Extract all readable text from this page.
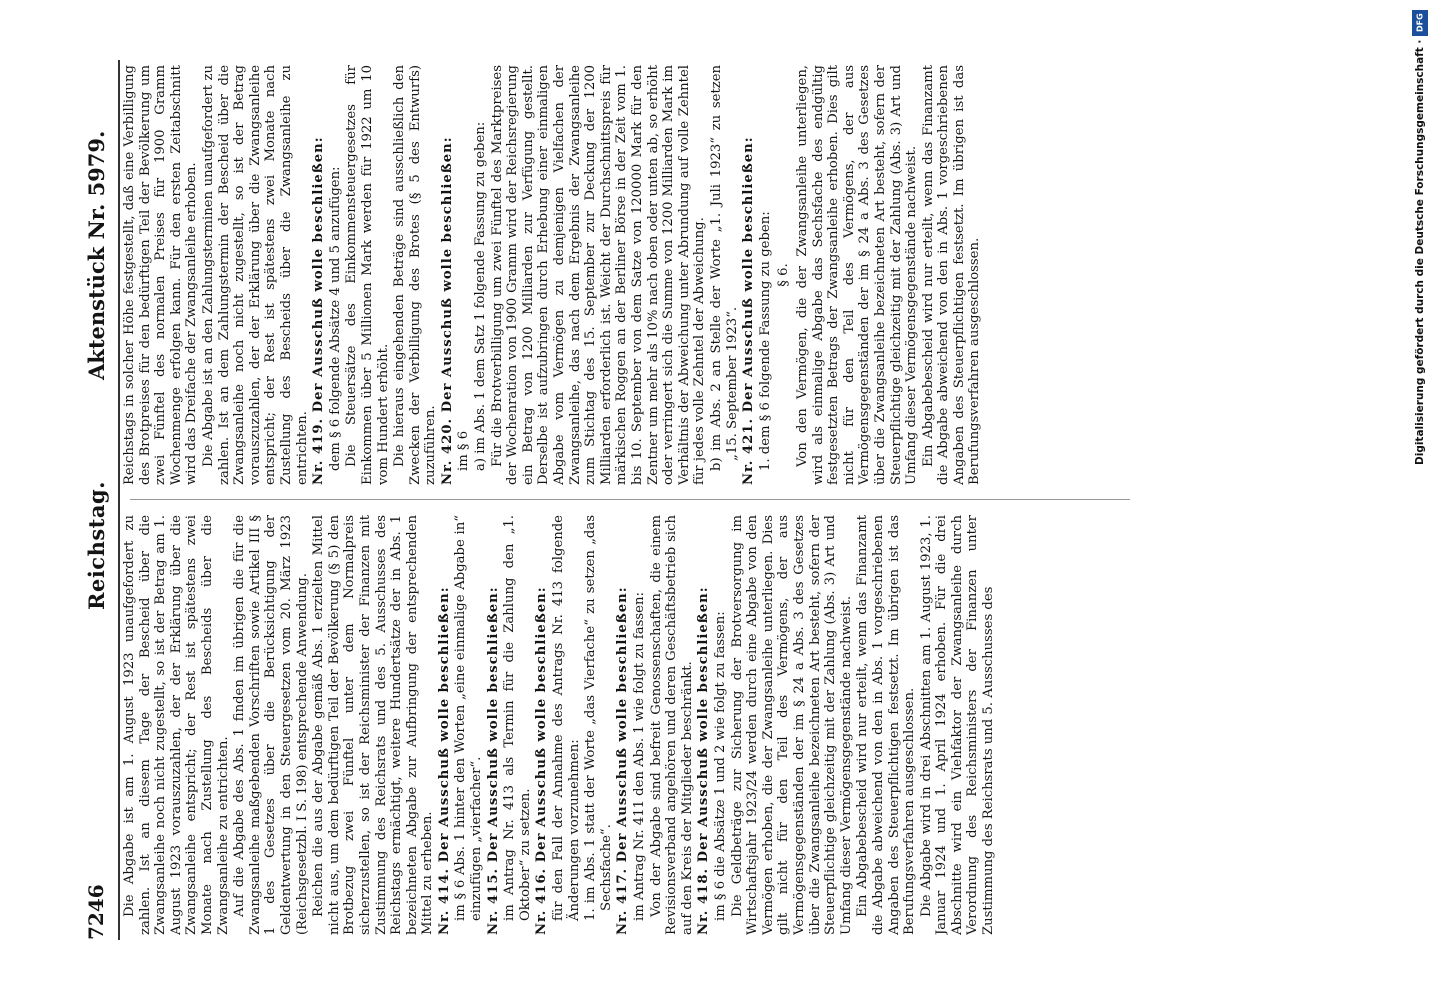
7246
Reichstag.
Aktenstück Nr. 5979.

Die Abgabe ist am 1. August 1923 unaufgefordert zu zahlen. Ist an diesem Tage der Bescheid über die Zwangsanleihe noch nicht zugestellt, so ist der Betrag am 1. August 1923 vorauszuzahlen, der der Erklärung über die Zwangsanleihe entspricht; der Rest ist spätestens zwei Monate nach Zustellung des Bescheids über die Zwangsanleihe zu entrichten. Auf die Abgabe des Abs. 1 finden im übrigen die für die Zwangsanleihe maßgebenden Vorschriften sowie Artikel III § 1 des Gesetzes über die Berücksichtigung der Geldentwertung in den Steuergesetzen vom 20. März 1923 (Reichsgesetzbl. I S. 198) entsprechende Anwendung. Reichen die aus der Abgabe gemäß Abs. 1 erzielten Mittel nicht aus, um dem bedürftigen Teil der Bevölkerung (§ 5) den Brotbezug zwei Fünftel unter dem Normalpreis sicherzustellen, so ist der Reichsminister der Finanzen mit Zustimmung des Reichsrats und des 5. Ausschusses des Reichstags ermächtigt, weitere Hundertsätze der in Abs. 1 bezeichneten Abgabe zur Aufbringung der entsprechenden Mittel zu erheben. Nr. 414. Der Ausschuß wolle beschließen: im § 6 Abs. 1 hinter den Worten „eine einmalige Abgabe in“ einzufügen „vierfacher“. Nr. 415. Der Ausschuß wolle beschließen: im Antrag Nr. 413 als Termin für die Zahlung den „1. Oktober“ zu setzen. Nr. 416. Der Ausschuß wolle beschließen: für den Fall der Annahme des Antrags Nr. 413 folgende Änderungen vorzunehmen: 1. im Abs. 1 statt der Worte „das Vierfache“ zu setzen „das Sechsfache“. Nr. 417. Der Ausschuß wolle beschließen: im Antrag Nr. 411 den Abs. 1 wie folgt zu fassen: Von der Abgabe sind befreit Genossenschaften, die einem Revisionsverband angehören und deren Geschäftsbetrieb sich auf den Kreis der Mitglieder beschränkt. Nr. 418. Der Ausschuß wolle beschließen: im § 6 die Absätze 1 und 2 wie folgt zu fassen: Die Geldbeträge zur Sicherung der Brotversorgung im Wirtschaftsjahr 1923/24 werden durch eine Abgabe von den Vermögen erhoben, die der Zwangsanleihe unterliegen. Dies gilt nicht für den Teil des Vermögens, der aus Vermögensgegenständen der im § 24 a Abs. 3 des Gesetzes über die Zwangsanleihe bezeichneten Art besteht, sofern der Steuerpflichtige gleichzeitig mit der Zahlung (Abs. 3) Art und Umfang dieser Vermögensgegenstände nachweist. Ein Abgabebescheid wird nur erteilt, wenn das Finanzamt die Abgabe abweichend von den in Abs. 1 vorgeschriebenen Angaben des Steuerpflichtigen festsetzt. Im übrigen ist das Berufungsverfahren ausgeschlossen. Die Abgabe wird in drei Abschnitten am 1. August 1923, 1. Januar 1924 und 1. April 1924 erhoben. Für die drei Abschnitte wird ein Viehfaktor der Zwangsanleihe durch Verordnung des Reichsministers der Finanzen unter Zustimmung des Reichsrats und 5. Ausschusses des

Reichstags in solcher Höhe festgestellt, daß eine Verbilligung des Brotpreises für den bedürftigen Teil der Bevölkerung um zwei Fünftel des normalen Preises für 1900 Gramm Wochenmenge erfolgen kann. Für den ersten Zeitabschnitt wird das Dreifache der Zwangsanleihe erhoben. Die Abgabe ist an den Zahlungsterminen unaufgefordert zu zahlen. Ist an dem Zahlungstermin der Bescheid über die Zwangsanleihe noch nicht zugestellt, so ist der Betrag vorauszuzahlen, der der Erklärung über die Zwangsanleihe entspricht; der Rest ist spätestens zwei Monate nach Zustellung des Bescheids über die Zwangsanleihe zu entrichten. Nr. 419. Der Ausschuß wolle beschließen: dem § 6 folgende Absätze 4 und 5 anzufügen: Die Steuersätze des Einkommensteuergesetzes für Einkommen über 5 Millionen Mark werden für 1922 um 10 vom Hundert erhöht. Die hieraus eingehenden Beträge sind ausschließlich den Zwecken der Verbilligung des Brotes (§ 5 des Entwurfs) zuzuführen. Nr. 420. Der Ausschuß wolle beschließen: im § 6 a) im Abs. 1 dem Satz 1 folgende Fassung zu geben: Für die Brotverbilligung um zwei Fünftel des Marktpreises der Wochenration von 1900 Gramm wird der Reichsregierung ein Betrag von 1200 Milliarden zur Verfügung gestellt. Derselbe ist aufzubringen durch Erhebung einer einmaligen Abgabe vom Vermögen zu demjenigen Vielfachen der Zwangsanleihe, das nach dem Ergebnis der Zwangsanleihe zum Stichtag des 15. September zur Deckung der 1200 Milliarden erforderlich ist. Weicht der Durchschnittspreis für märkischen Roggen an der Berliner Börse in der Zeit vom 1. bis 10. September von dem Satze von 120000 Mark für den Zentner um mehr als 10% nach oben oder unten ab, so erhöht oder verringert sich die Summe von 1200 Milliarden Mark im Verhältnis der Abweichung unter Abrundung auf volle Zehntel für jedes volle Zehntel der Abweichung. b) im Abs. 2 an Stelle der Worte „1. Juli 1923“ zu setzen „15. September 1923“. Nr. 421. Der Ausschuß wolle beschließen: 1. dem § 6 folgende Fassung zu geben: § 6. Von den Vermögen, die der Zwangsanleihe unterliegen, wird als einmalige Abgabe das Sechsfache des endgültig festgesetzten Betrags der Zwangsanleihe erhoben. Dies gilt nicht für den Teil des Vermögens, der aus Vermögensgegenständen der im § 24 a Abs. 3 des Gesetzes über die Zwangsanleihe bezeichneten Art besteht, sofern der Steuerpflichtige gleichzeitig mit der Zahlung (Abs. 3) Art und Umfang dieser Vermögensgegenstände nachweist. Ein Abgabebescheid wird nur erteilt, wenn das Finanzamt die Abgabe abweichend von den in Abs. 1 vorgeschriebenen Angaben des Steuerpflichtigen festsetzt. Im übrigen ist das Berufungsverfahren ausgeschlossen.

DFG
Digitalisierung gefördert durch die Deutsche Forschungsgemeinschaft ·
